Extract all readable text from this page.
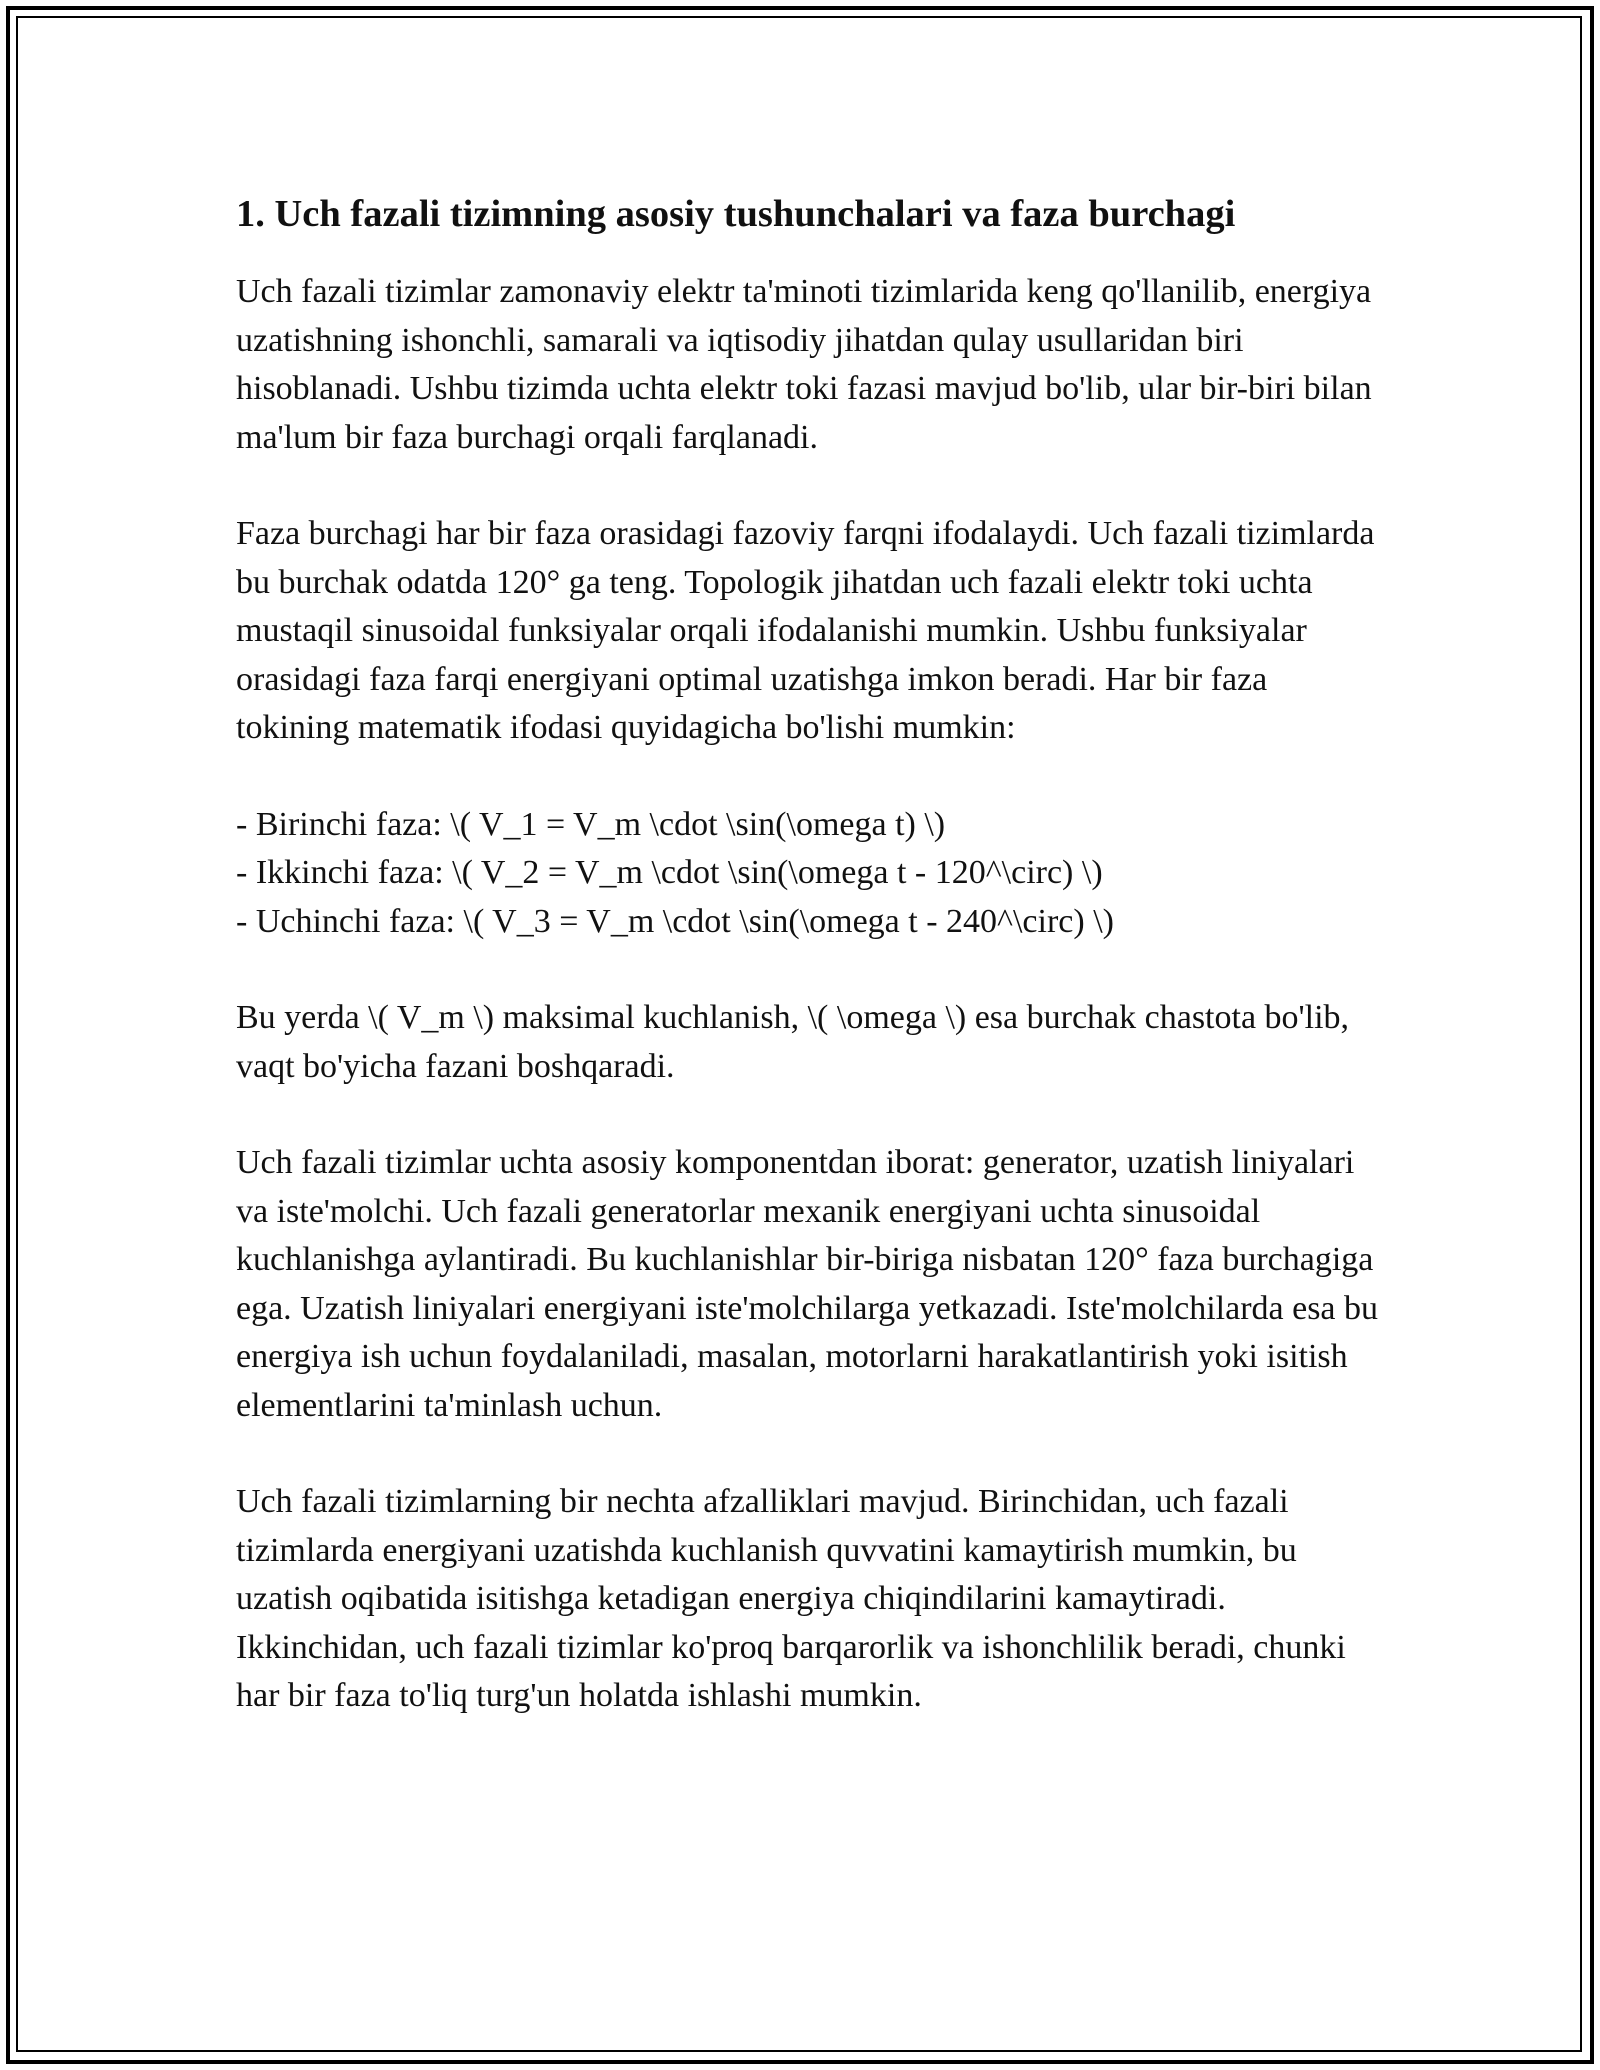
1. Uch fazali tizimning asosiy tushunchalari va faza burchagi

Uch fazali tizimlar zamonaviy elektr ta'minoti tizimlarida keng qo'llanilib, energiya uzatishning ishonchli, samarali va iqtisodiy jihatdan qulay usullaridan biri hisoblanadi. Ushbu tizimda uchta elektr toki fazasi mavjud bo'lib, ular bir-biri bilan ma'lum bir faza burchagi orqali farqlanadi.

Faza burchagi har bir faza orasidagi fazoviy farqni ifodalaydi. Uch fazali tizimlarda bu burchak odatda 120° ga teng. Topologik jihatdan uch fazali elektr toki uchta mustaqil sinusoidal funksiyalar orqali ifodalanishi mumkin. Ushbu funksiyalar orasidagi faza farqi energiyani optimal uzatishga imkon beradi. Har bir faza tokining matematik ifodasi quyidagicha bo'lishi mumkin:

- Birinchi faza: \( V_1 = V_m \cdot \sin(\omega t) \)
- Ikkinchi faza: \( V_2 = V_m \cdot \sin(\omega t - 120^\circ) \)
- Uchinchi faza: \( V_3 = V_m \cdot \sin(\omega t - 240^\circ) \)

Bu yerda \( V_m \) maksimal kuchlanish, \( \omega \) esa burchak chastota bo'lib, vaqt bo'yicha fazani boshqaradi.

Uch fazali tizimlar uchta asosiy komponentdan iborat: generator, uzatish liniyalari va iste'molchi. Uch fazali generatorlar mexanik energiyani uchta sinusoidal kuchlanishga aylantiradi. Bu kuchlanishlar bir-biriga nisbatan 120° faza burchagiga ega. Uzatish liniyalari energiyani iste'molchilarga yetkazadi. Iste'molchilarda esa bu energiya ish uchun foydalaniladi, masalan, motorlarni harakatlantirish yoki isitish elementlarini ta'minlash uchun.

Uch fazali tizimlarning bir nechta afzalliklari mavjud. Birinchidan, uch fazali tizimlarda energiyani uzatishda kuchlanish quvvatini kamaytirish mumkin, bu uzatish oqibatida isitishga ketadigan energiya chiqindilarini kamaytiradi. Ikkinchidan, uch fazali tizimlar ko'proq barqarorlik va ishonchlilik beradi, chunki har bir faza to'liq turg'un holatda ishlashi mumkin.
